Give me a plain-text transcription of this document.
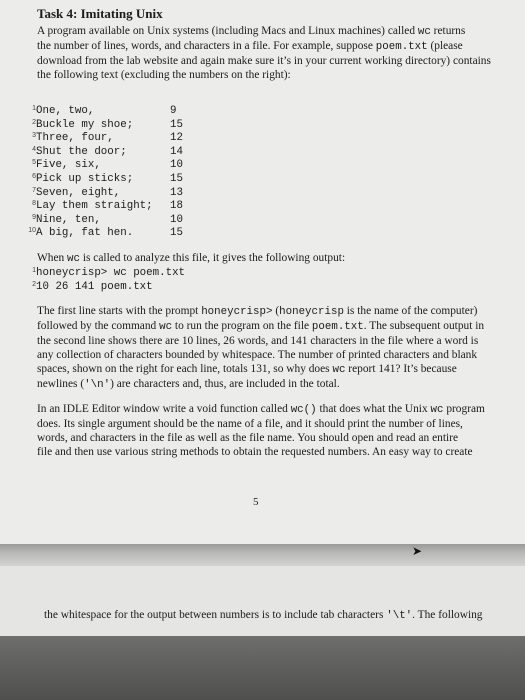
Task 4: Imitating Unix
A program available on Unix systems (including Macs and Linux machines) called wc returns
the number of lines, words, and characters in a file. For example, suppose poem.txt (please
download from the lab website and again make sure it’s in your current working directory) contains
the following text (excluding the numbers on the right):
1 One, two,	9
2 Buckle my shoe;	15
3 Three, four,	12
4 Shut the door;	14
5 Five, six,	10
6 Pick up sticks;	15
7 Seven, eight,	13
8 Lay them straight; 18
9 Nine, ten,	10
10 A big, fat hen.	15
When wc is called to analyze this file, it gives the following output:
1 honeycrisp> wc poem.txt
2 10 26 141 poem.txt
The first line starts with the prompt honeycrisp> (honeycrisp is the name of the computer)
followed by the command wc to run the program on the file poem.txt. The subsequent output in
the second line shows there are 10 lines, 26 words, and 141 characters in the file where a word is
any collection of characters bounded by whitespace. The number of printed characters and blank
spaces, shown on the right for each line, totals 131, so why does wc report 141? It’s because
newlines ('\n') are characters and, thus, are included in the total.
In an IDLE Editor window write a void function called wc() that does what the Unix wc program
does. Its single argument should be the name of a file, and it should print the number of lines,
words, and characters in the file as well as the file name. You should open and read an entire
file and then use various string methods to obtain the requested numbers. An easy way to create
5
➤
the whitespace for the output between numbers is to include tab characters '\t'. The following
